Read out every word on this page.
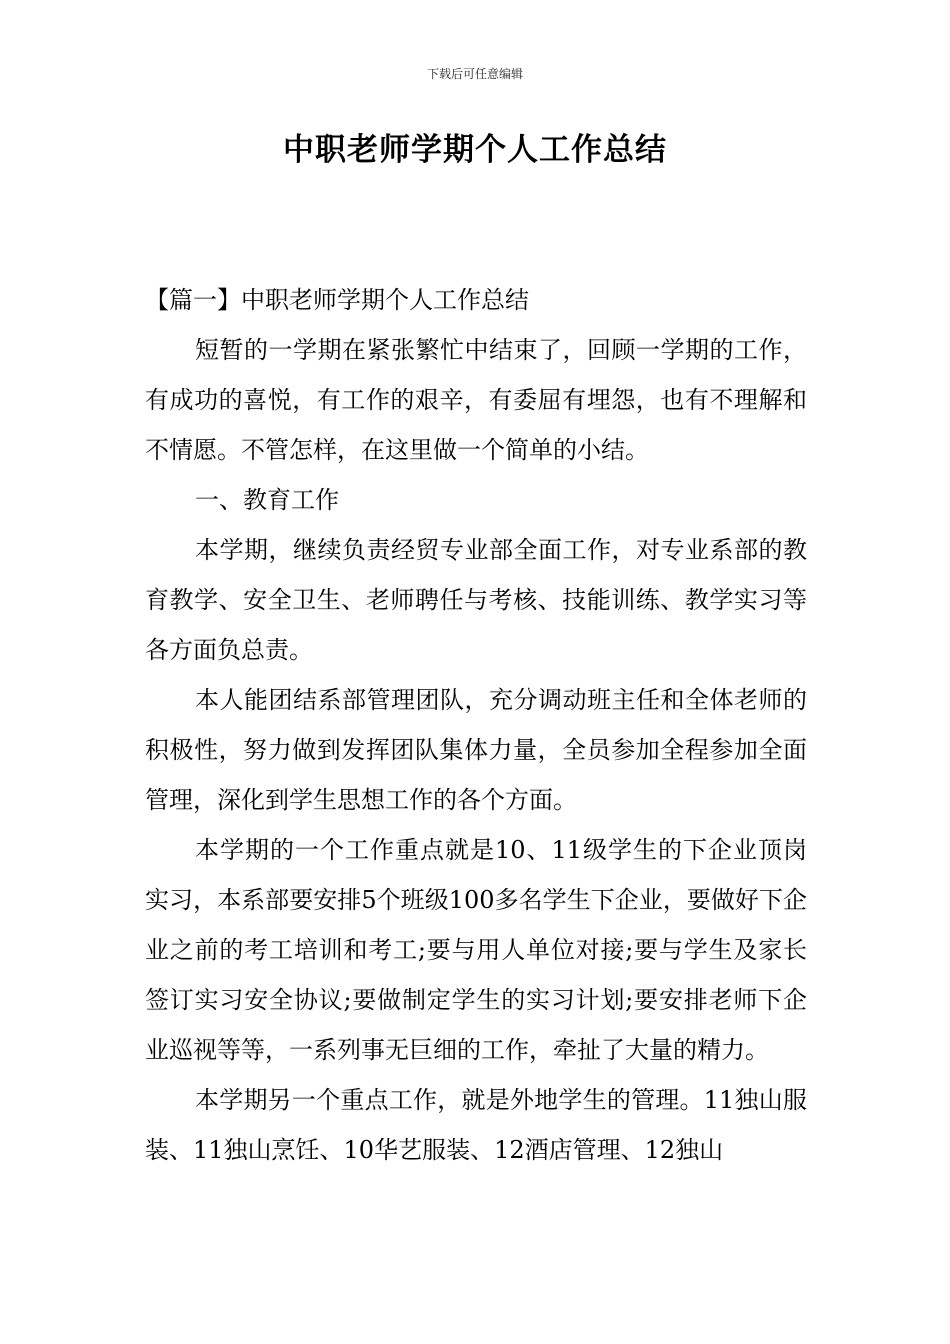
下载后可任意编辑
中职老师学期个人工作总结

【篇一】中职老师学期个人工作总结

短暂的一学期在紧张繁忙中结束了，回顾一学期的工作，有成功的喜悦，有工作的艰辛，有委屈有埋怨，也有不理解和不情愿。不管怎样，在这里做一个简单的小结。

一、教育工作

本学期，继续负责经贸专业部全面工作，对专业系部的教育教学、安全卫生、老师聘任与考核、技能训练、教学实习等各方面负总责。

本人能团结系部管理团队，充分调动班主任和全体老师的积极性，努力做到发挥团队集体力量，全员参加全程参加全面管理，深化到学生思想工作的各个方面。

本学期的一个工作重点就是10、11级学生的下企业顶岗实习，本系部要安排5个班级100多名学生下企业，要做好下企业之前的考工培训和考工;要与用人单位对接;要与学生及家长签订实习安全协议;要做制定学生的实习计划;要安排老师下企业巡视等等，一系列事无巨细的工作，牵扯了大量的精力。

本学期另一个重点工作，就是外地学生的管理。11独山服装、11独山烹饪、10华艺服装、12酒店管理、12独山
